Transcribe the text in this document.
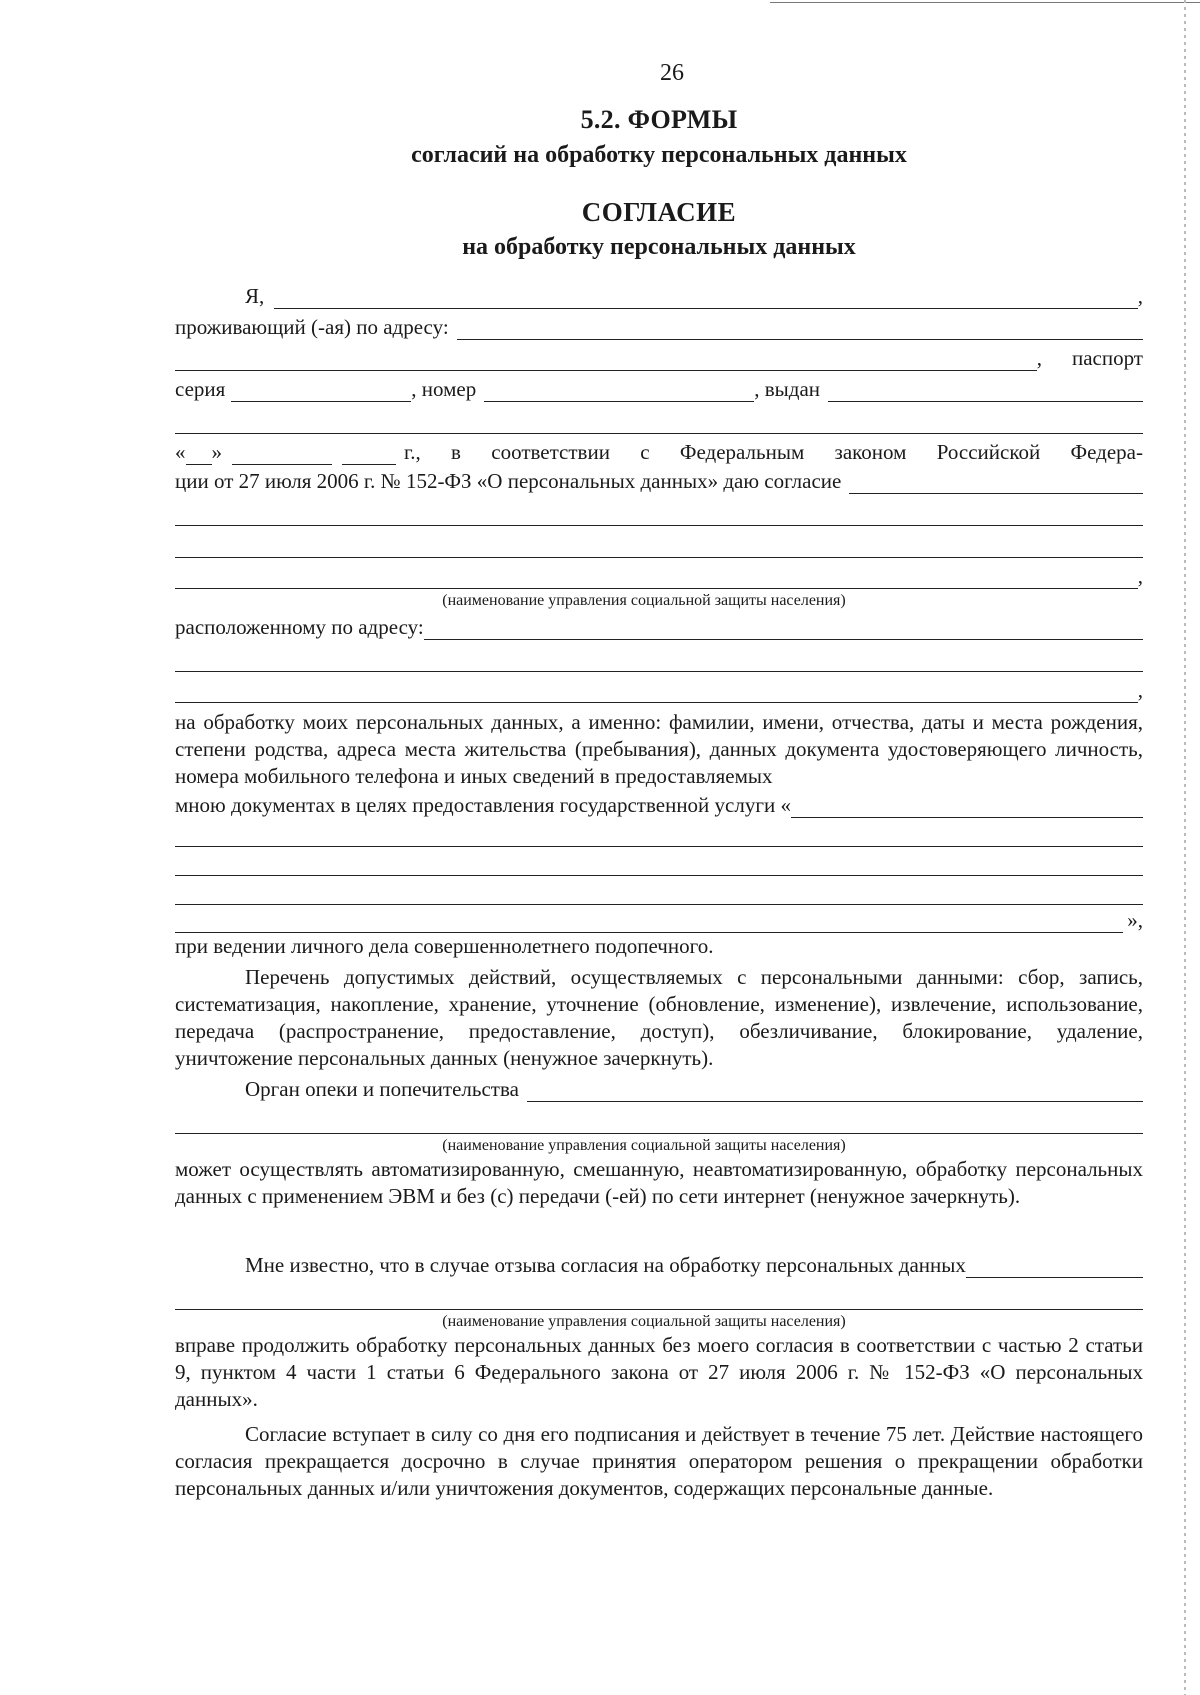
26
5.2. ФОРМЫ
согласий на обработку персональных данных
СОГЛАСИЕ
на обработку персональных данных
Я,	,
проживающий (-ая) по адресу:
, паспорт
серия	, номер	, выдан
« »	г., в соответствии с Федеральным законом Российской Федера-
ции от 27 июля 2006 г. № 152-ФЗ «О персональных данных» даю согласие
,
(наименование управления социальной защиты населения)
расположенному по адресу:
,
на обработку моих персональных данных, а именно: фамилии, имени, отчества, даты и места рождения, степени родства, адреса места жительства (пребывания), данных документа удостоверяющего личность, номера мобильного телефона и иных сведений в предоставляемых
мною документах в целях предоставления государственной услуги «
»,
при ведении личного дела совершеннолетнего подопечного.
Перечень допустимых действий, осуществляемых с персональными данными: сбор, запись, систематизация, накопление, хранение, уточнение (обновление, изменение), извлечение, использование, передача (распространение, предоставление, доступ), обезличивание, блокирование, удаление, уничтожение персональных данных (ненужное зачеркнуть).
Орган опеки и попечительства
(наименование управления социальной защиты населения)
может осуществлять автоматизированную, смешанную, неавтоматизированную, обработку персональных данных с применением ЭВМ и без (с) передачи (-ей) по сети интернет (ненужное зачеркнуть).
Мне известно, что в случае отзыва согласия на обработку персональных данных
(наименование управления социальной защиты населения)
вправе продолжить обработку персональных данных без моего согласия в соответствии с частью 2 статьи 9, пунктом 4 части 1 статьи 6 Федерального закона от 27 июля 2006 г. № 152-ФЗ «О персональных данных».
Согласие вступает в силу со дня его подписания и действует в течение 75 лет. Действие настоящего согласия прекращается досрочно в случае принятия оператором решения о прекращении обработки персональных данных и/или уничтожения документов, содержащих персональные данные.
